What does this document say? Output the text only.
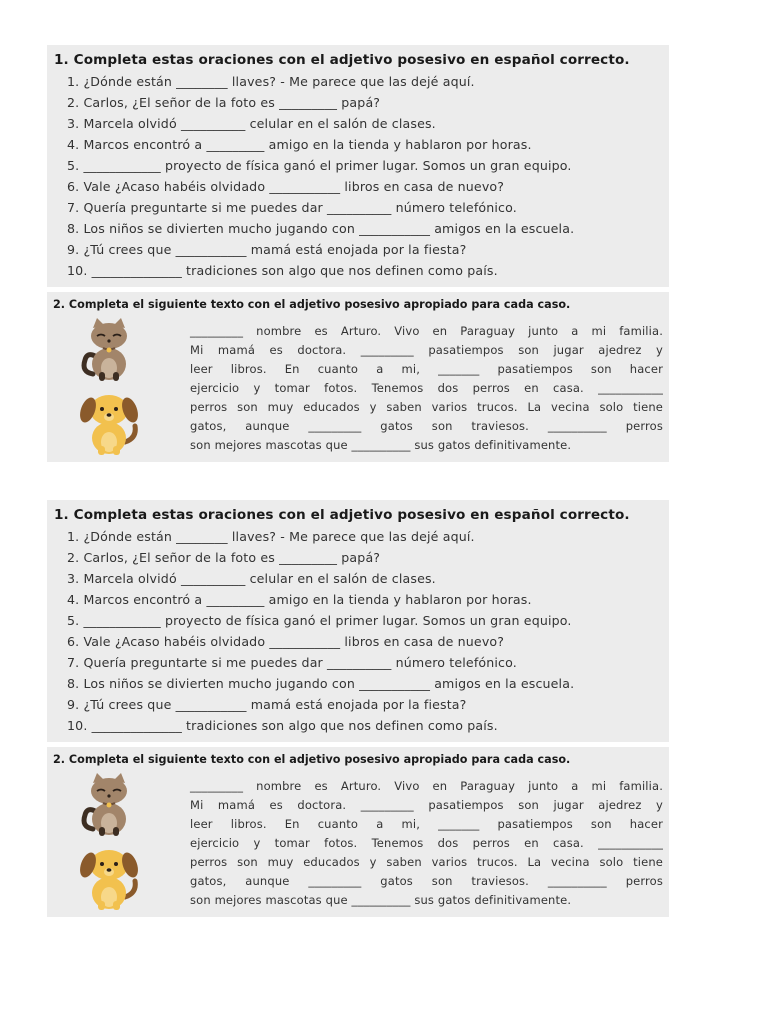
1. Completa estas oraciones con el adjetivo posesivo en español correcto.
1. ¿Dónde están ________ llaves? - Me parece que las dejé aquí.
2. Carlos, ¿El señor de la foto es _________ papá?
3. Marcela olvidó __________ celular en el salón de clases.
4. Marcos encontró a _________ amigo en la tienda y hablaron por horas.
5. ____________ proyecto de física ganó el primer lugar. Somos un gran equipo.
6. Vale ¿Acaso habéis olvidado ___________ libros en casa de nuevo?
7. Quería preguntarte si me puedes dar __________ número telefónico.
8. Los niños se divierten mucho jugando con ___________ amigos en la escuela.
9. ¿Tú crees que ___________ mamá está enojada por la fiesta?
10. ______________ tradiciones son algo que nos definen como país.
2. Completa el siguiente texto con el adjetivo posesivo apropiado para cada caso.
_________ nombre es Arturo. Vivo en Paraguay junto a mi familia.
Mi mamá es doctora. _________ pasatiempos son jugar ajedrez y
leer libros. En cuanto a mi, _______ pasatiempos son hacer
ejercicio y tomar fotos. Tenemos dos perros en casa. ___________
perros son muy educados y saben varios trucos. La vecina solo tiene
gatos, aunque _________ gatos son traviesos. __________ perros
son mejores mascotas que __________ sus gatos definitivamente.
1. Completa estas oraciones con el adjetivo posesivo en español correcto.
1. ¿Dónde están ________ llaves? - Me parece que las dejé aquí.
2. Carlos, ¿El señor de la foto es _________ papá?
3. Marcela olvidó __________ celular en el salón de clases.
4. Marcos encontró a _________ amigo en la tienda y hablaron por horas.
5. ____________ proyecto de física ganó el primer lugar. Somos un gran equipo.
6. Vale ¿Acaso habéis olvidado ___________ libros en casa de nuevo?
7. Quería preguntarte si me puedes dar __________ número telefónico.
8. Los niños se divierten mucho jugando con ___________ amigos en la escuela.
9. ¿Tú crees que ___________ mamá está enojada por la fiesta?
10. ______________ tradiciones son algo que nos definen como país.
2. Completa el siguiente texto con el adjetivo posesivo apropiado para cada caso.
_________ nombre es Arturo. Vivo en Paraguay junto a mi familia.
Mi mamá es doctora. _________ pasatiempos son jugar ajedrez y
leer libros. En cuanto a mi, _______ pasatiempos son hacer
ejercicio y tomar fotos. Tenemos dos perros en casa. ___________
perros son muy educados y saben varios trucos. La vecina solo tiene
gatos, aunque _________ gatos son traviesos. __________ perros
son mejores mascotas que __________ sus gatos definitivamente.
